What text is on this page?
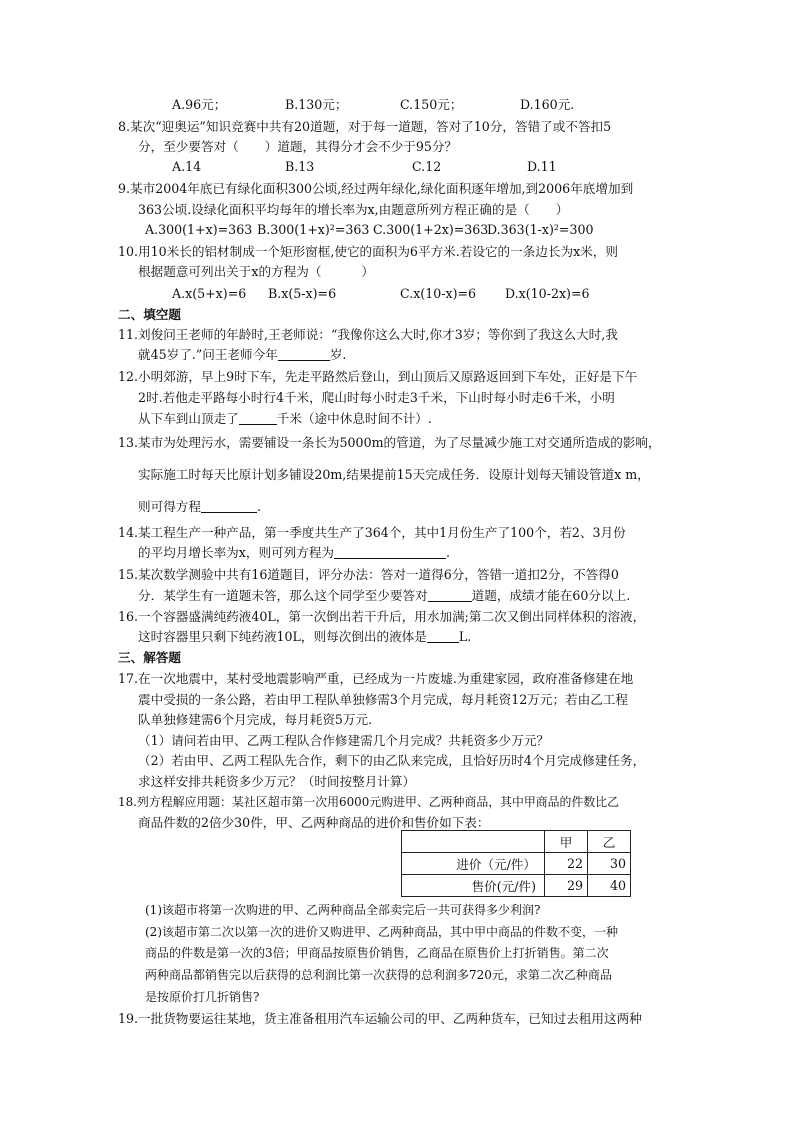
A.96元；	B.130元；	C.150元；	D.160元.
8.某次“迎奥运”知识竞赛中共有20道题，对于每一道题，答对了10分，答错了或不答扣5
分，至少要答对（ ）道题，其得分才会不少于95分？
A.14	B.13	C.12	D.11
9.某市2004年底已有绿化面积300公顷,经过两年绿化,绿化面积逐年增加,到2006年底增加到
363公顷.设绿化面积平均每年的增长率为x,由题意所列方程正确的是（ ）
A.300(1+x)=363 B.300(1+x)²=363 C.300(1+2x)=363
D.363(1-x)²=300
10.用10米长的铝材制成一个矩形窗框,使它的面积为6平方米.若设它的一条边长为x米，则
根据题意可列出关于x的方程为（	）
A.x(5+x)=6 B.x(5-x)=6	C.x(10-x)=6 D.x(10-2x)=6
二、填空题
11.刘俊问王老师的年龄时,王老师说：“我像你这么大时,你才3岁；等你到了我这么大时,我
就45岁了.”问王老师今年	岁.
12.小明郊游，早上9时下车，先走平路然后登山，到山顶后又原路返回到下车处，正好是下午
2时.若他走平路每小时行4千米，爬山时每小时走3千米，下山时每小时走6千米，小明
从下车到山顶走了	千米（途中休息时间不计）.
13.某市为处理污水，需要铺设一条长为5000m的管道，为了尽量减少施工对交通所造成的影响，
实际施工时每天比原计划多铺设20m,结果提前15天完成任务．设原计划每天铺设管道x m，
则可得方程	.
14.某工程生产一种产品，第一季度共生产了364个，其中1月份生产了100个，若2、3月份
的平均月增长率为x，则可列方程为	.
15.某次数学测验中共有16道题目，评分办法：答对一道得6分，答错一道扣2分，不答得0
分．某学生有一道题未答，那么这个同学至少要答对	道题，成绩才能在60分以上.
16.一个容器盛满纯药液40L，第一次倒出若干升后，用水加满;第二次又倒出同样体积的溶液，
这时容器里只剩下纯药液10L，则每次倒出的液体是	L.
三、解答题
17.在一次地震中，某村受地震影响严重，已经成为一片废墟.为重建家园，政府准备修建在地
震中受损的一条公路，若由甲工程队单独修需3个月完成，每月耗资12万元；若由乙工程
队单独修建需6个月完成，每月耗资5万元.
（1）请问若由甲、乙两工程队合作修建需几个月完成？共耗资多少万元？
（2）若由甲、乙两工程队先合作，剩下的由乙队来完成，且恰好历时4个月完成修建任务，
求这样安排共耗资多少万元？（时间按整月计算）
18.列方程解应用题：某社区超市第一次用6000元购进甲、乙两种商品，其中甲商品的件数比乙
商品件数的2倍少30件，甲、乙两种商品的进价和售价如下表：
	甲	乙
进价（元/件）	22	30
售价(元/件)	29	40
(1)该超市将第一次购进的甲、乙两种商品全部卖完后一共可获得多少利润?
(2)该超市第二次以第一次的进价又购进甲、乙两种商品，其中甲中商品的件数不变，一种
商品的件数是第一次的3倍；甲商品按原售价销售，乙商品在原售价上打折销售。第二次
两种商品都销售完以后获得的总利润比第一次获得的总利润多720元，求第二次乙种商品
是按原价打几折销售?
19.一批货物要运往某地，货主准备租用汽车运输公司的甲、乙两种货车，已知过去租用这两种
